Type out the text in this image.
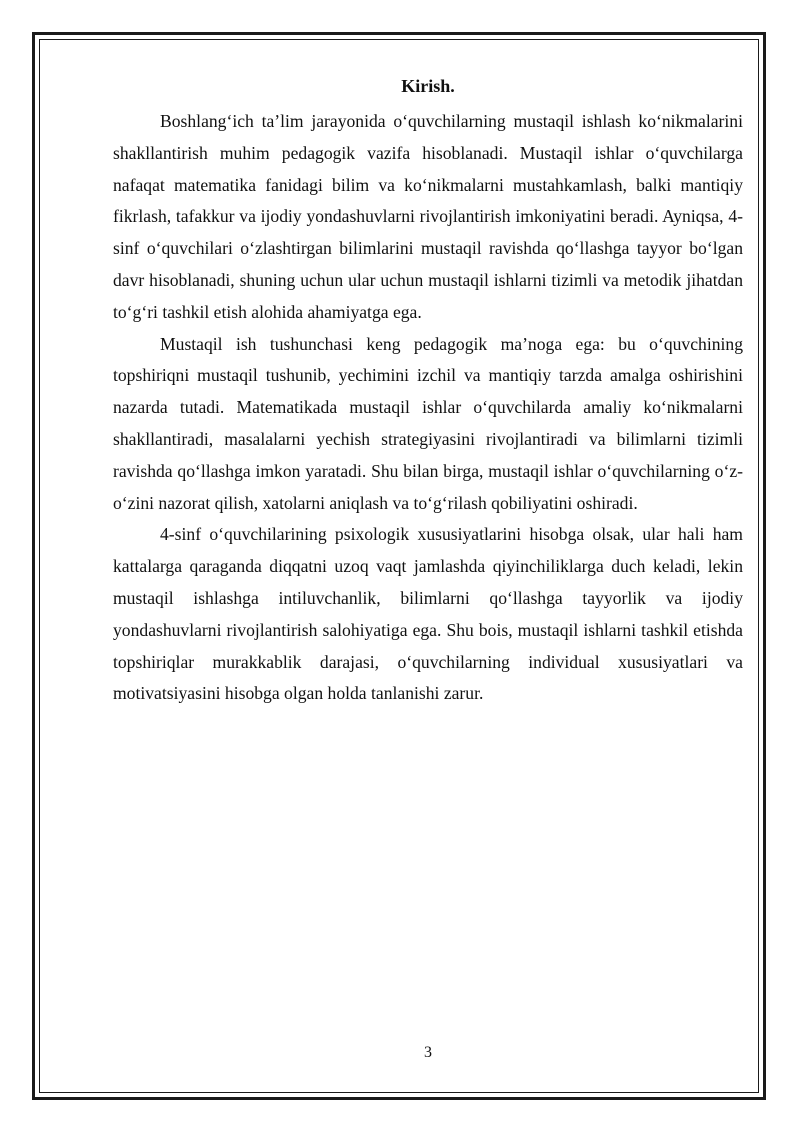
Kirish.

Boshlang‘ich ta’lim jarayonida o‘quvchilarning mustaqil ishlash ko‘nikmalarini shakllantirish muhim pedagogik vazifa hisoblanadi. Mustaqil ishlar o‘quvchilarga nafaqat matematika fanidagi bilim va ko‘nikmalarni mustahkamlash, balki mantiqiy fikrlash, tafakkur va ijodiy yondashuvlarni rivojlantirish imkoniyatini beradi. Ayniqsa, 4-sinf o‘quvchilari o‘zlashtirgan bilimlarini mustaqil ravishda qo‘llashga tayyor bo‘lgan davr hisoblanadi, shuning uchun ular uchun mustaqil ishlarni tizimli va metodik jihatdan to‘g‘ri tashkil etish alohida ahamiyatga ega.

Mustaqil ish tushunchasi keng pedagogik ma’noga ega: bu o‘quvchining topshiriqni mustaqil tushunib, yechimini izchil va mantiqiy tarzda amalga oshirishini nazarda tutadi. Matematikada mustaqil ishlar o‘quvchilarda amaliy ko‘nikmalarni shakllantiradi, masalalarni yechish strategiyasini rivojlantiradi va bilimlarni tizimli ravishda qo‘llashga imkon yaratadi. Shu bilan birga, mustaqil ishlar o‘quvchilarning o‘z-o‘zini nazorat qilish, xatolarni aniqlash va to‘g‘rilash qobiliyatini oshiradi.

4-sinf o‘quvchilarining psixologik xususiyatlarini hisobga olsak, ular hali ham kattalarga qaraganda diqqatni uzoq vaqt jamlashda qiyinchiliklarga duch keladi, lekin mustaqil ishlashga intiluvchanlik, bilimlarni qo‘llashga tayyorlik va ijodiy yondashuvlarni rivojlantirish salohiyatiga ega. Shu bois, mustaqil ishlarni tashkil etishda topshiriqlar murakkablik darajasi, o‘quvchilarning individual xususiyatlari va motivatsiyasini hisobga olgan holda tanlanishi zarur.

3
